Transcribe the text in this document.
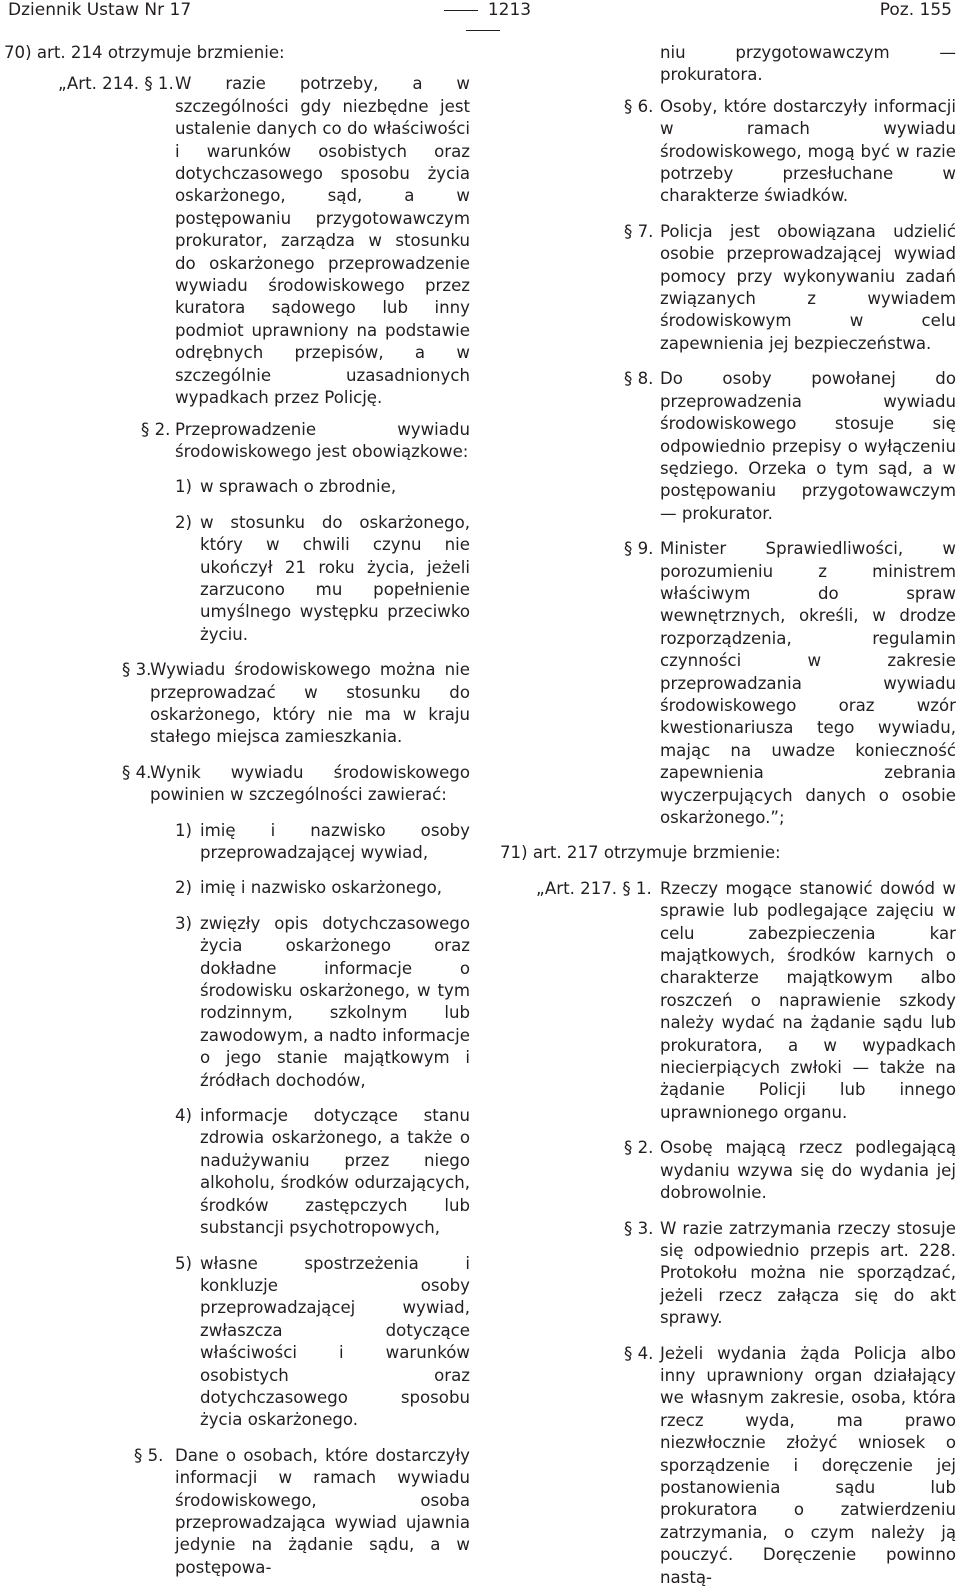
Dziennik Ustaw Nr 17	1213	Poz. 155

70) art. 214 otrzymuje brzmienie:

„Art. 214. § 1. W razie potrzeby, a w szczególności gdy niezbędne jest ustalenie danych co do właściwości i warunków osobistych oraz dotychczasowego sposobu życia oskarżonego, sąd, a w postępowaniu przygotowawczym prokurator, zarządza w stosunku do oskarżonego przeprowadzenie wywiadu środowiskowego przez kuratora sądowego lub inny podmiot uprawniony na podstawie odrębnych przepisów, a w szczególnie uzasadnionych wypadkach przez Policję.
§ 2. Przeprowadzenie wywiadu środowiskowego jest obowiązkowe:
1) w sprawach o zbrodnie,
2) w stosunku do oskarżonego, który w chwili czynu nie ukończył 21 roku życia, jeżeli zarzucono mu popełnienie umyślnego występku przeciwko życiu.
§ 3.
Wywiadu środowiskowego można nie przeprowadzać w stosunku do oskarżonego, który nie ma w kraju stałego miejsca zamieszkania.
§ 4.
Wynik wywiadu środowiskowego powinien w szczególności zawierać:
1) imię i nazwisko osoby przeprowadzającej wywiad,
2) imię i nazwisko oskarżonego,
3) zwięzły opis dotychczasowego życia oskarżonego oraz dokładne informacje o środowisku oskarżonego, w tym rodzinnym, szkolnym lub zawodowym, a nadto informacje o jego stanie majątkowym i źródłach dochodów,
4) informacje dotyczące stanu zdrowia oskarżonego, a także o nadużywaniu przez niego alkoholu, środków odurzających, środków zastępczych lub substancji psychotropowych,
5) własne spostrzeżenia i konkluzje osoby przeprowadzającej wywiad, zwłaszcza dotyczące właściwości i warunków osobistych oraz dotychczasowego sposobu życia oskarżonego.
§ 5. Dane o osobach, które dostarczyły informacji w ramach wywiadu środowiskowego, osoba przeprowadzająca wywiad ujawnia jedynie na żądanie sądu, a w postępowa-
niu przygotowawczym — prokuratora.
§ 6. Osoby, które dostarczyły informacji w ramach wywiadu środowiskowego, mogą być w razie potrzeby przesłuchane w charakterze świadków.
§ 7. Policja jest obowiązana udzielić osobie przeprowadzającej wywiad pomocy przy wykonywaniu zadań związanych z wywiadem środowiskowym w celu zapewnienia jej bezpieczeństwa.
§ 8. Do osoby powołanej do przeprowadzenia wywiadu środowiskowego stosuje się odpowiednio przepisy o wyłączeniu sędziego. Orzeka o tym sąd, a w postępowaniu przygotowawczym — prokurator.
§ 9. Minister Sprawiedliwości, w porozumieniu z ministrem właściwym do spraw wewnętrznych, określi, w drodze rozporządzenia, regulamin czynności w zakresie przeprowadzania wywiadu środowiskowego oraz wzór kwestionariusza tego wywiadu, mając na uwadze konieczność zapewnienia zebrania wyczerpujących danych o osobie oskarżonego.”;

71) art. 217 otrzymuje brzmienie:

„Art. 217. § 1. Rzeczy mogące stanowić dowód w sprawie lub podlegające zajęciu w celu zabezpieczenia kar majątkowych, środków karnych o charakterze majątkowym albo roszczeń o naprawienie szkody należy wydać na żądanie sądu lub prokuratora, a w wypadkach niecierpiących zwłoki — także na żądanie Policji lub innego uprawnionego organu.
§ 2. Osobę mającą rzecz podlegającą wydaniu wzywa się do wydania jej dobrowolnie.
§ 3. W razie zatrzymania rzeczy stosuje się odpowiednio przepis art. 228. Protokołu można nie sporządzać, jeżeli rzecz załącza się do akt sprawy.
§ 4. Jeżeli wydania żąda Policja albo inny uprawniony organ działający we własnym zakresie, osoba, która rzecz wyda, ma prawo niezwłocznie złożyć wniosek o sporządzenie i doręczenie jej postanowienia sądu lub prokuratora o zatwierdzeniu zatrzymania, o czym należy ją pouczyć. Doręczenie powinno nastą-
